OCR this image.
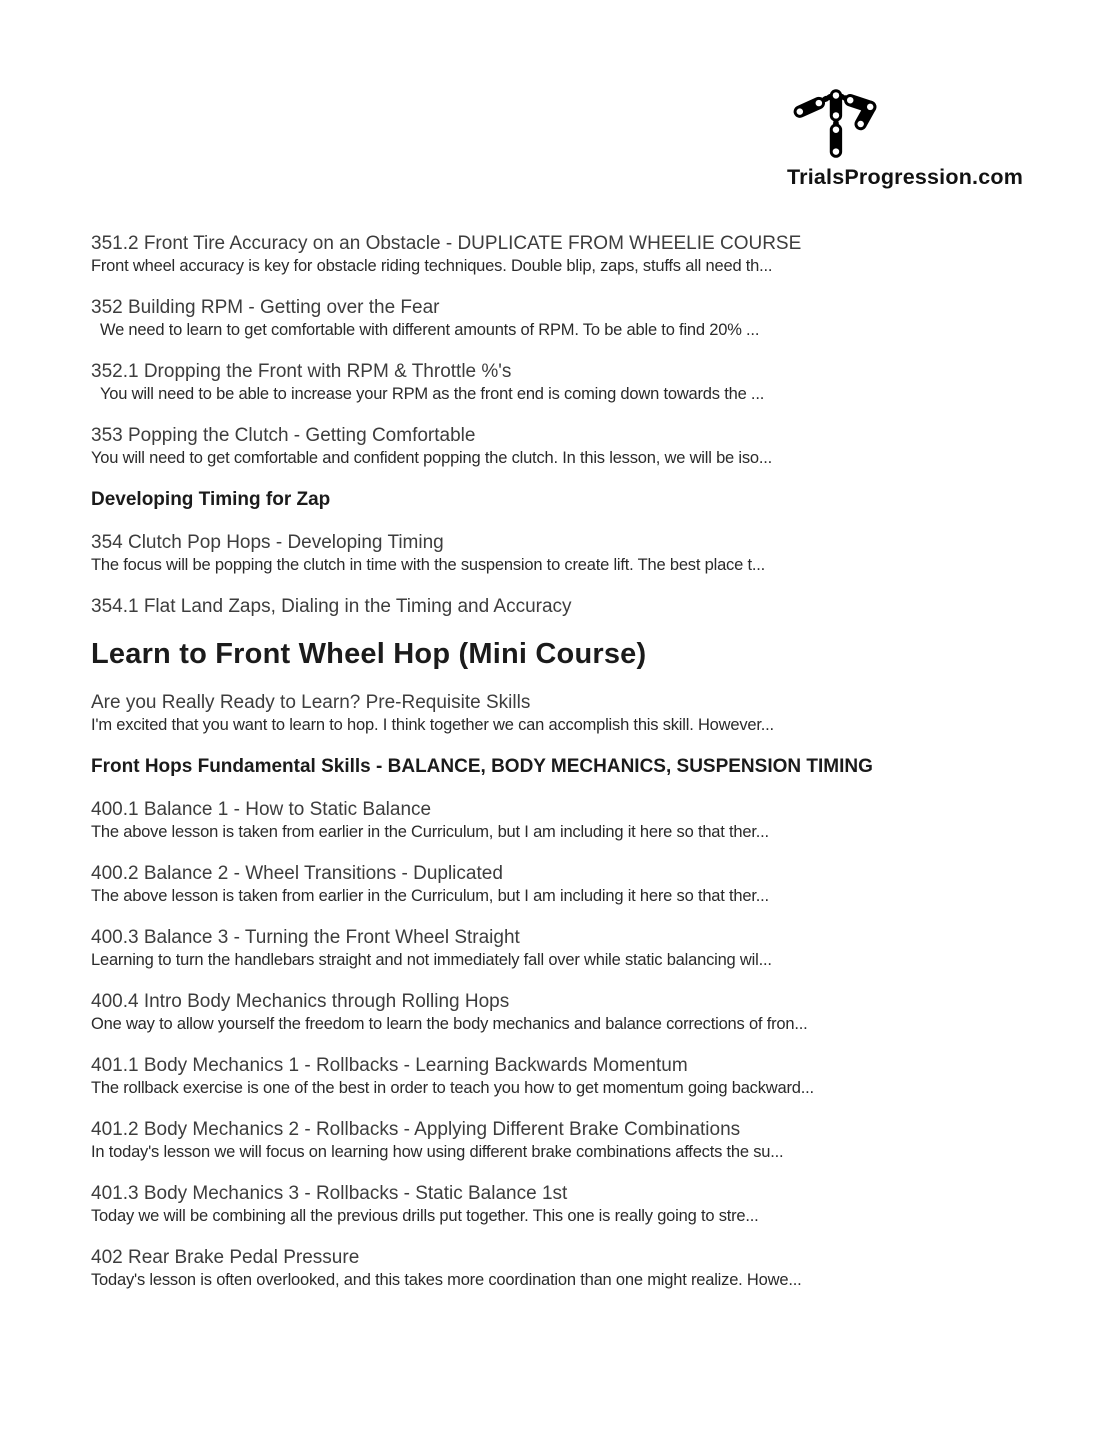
TrialsProgression.com
351.2 Front Tire Accuracy on an Obstacle - DUPLICATE FROM WHEELIE COURSE
Front wheel accuracy is key for obstacle riding techniques. Double blip, zaps, stuffs all need th...
352 Building RPM - Getting over the Fear
We need to learn to get comfortable with different amounts of RPM. To be able to find 20% ...
352.1 Dropping the Front with RPM & Throttle %'s
You will need to be able to increase your RPM as the front end is coming down towards the ...
353 Popping the Clutch - Getting Comfortable
You will need to get comfortable and confident popping the clutch. In this lesson, we will be iso...
Developing Timing for Zap
354 Clutch Pop Hops - Developing Timing
The focus will be popping the clutch in time with the suspension to create lift. The best place t...
354.1 Flat Land Zaps, Dialing in the Timing and Accuracy
Learn to Front Wheel Hop (Mini Course)
Are you Really Ready to Learn? Pre-Requisite Skills
I'm excited that you want to learn to hop. I think together we can accomplish this skill. However...
Front Hops Fundamental Skills - BALANCE, BODY MECHANICS, SUSPENSION TIMING
400.1 Balance 1 - How to Static Balance
The above lesson is taken from earlier in the Curriculum, but I am including it here so that ther...
400.2 Balance 2 - Wheel Transitions - Duplicated
The above lesson is taken from earlier in the Curriculum, but I am including it here so that ther...
400.3 Balance 3 - Turning the Front Wheel Straight
Learning to turn the handlebars straight and not immediately fall over while static balancing wil...
400.4 Intro Body Mechanics through Rolling Hops
One way to allow yourself the freedom to learn the body mechanics and balance corrections of fron...
401.1 Body Mechanics 1 - Rollbacks - Learning Backwards Momentum
The rollback exercise is one of the best in order to teach you how to get momentum going backward...
401.2 Body Mechanics 2 - Rollbacks - Applying Different Brake Combinations
In today's lesson we will focus on learning how using different brake combinations affects the su...
401.3 Body Mechanics 3 - Rollbacks - Static Balance 1st
Today we will be combining all the previous drills put together. This one is really going to stre...
402 Rear Brake Pedal Pressure
Today's lesson is often overlooked, and this takes more coordination than one might realize. Howe...
